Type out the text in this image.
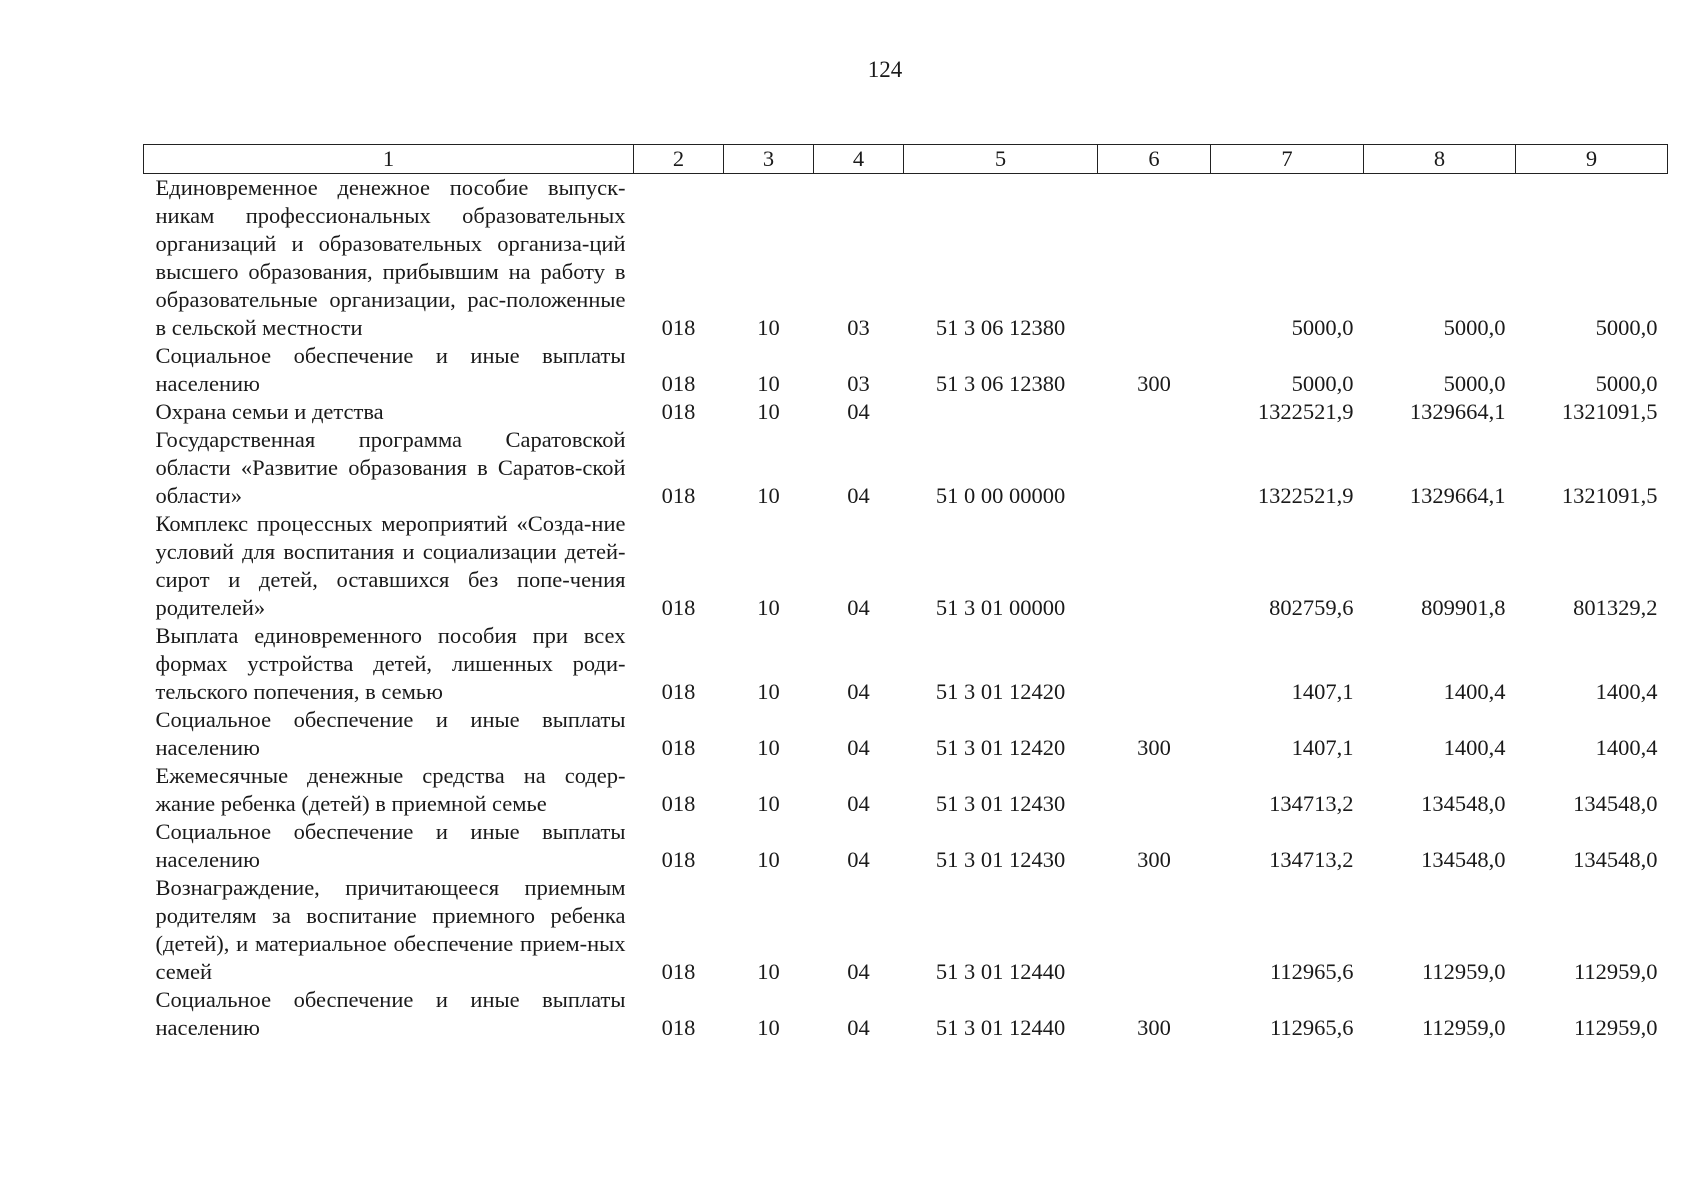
124
1	2	3	4	5	6	7	8	9
Единовременное денежное пособие выпуск-никам профессиональных образовательных организаций и образовательных организа-ций высшего образования, прибывшим на работу в образовательные организации, рас-положенные в сельской местности	018	10	03	51 3 06 12380		5000,0	5000,0	5000,0
Социальное обеспечение и иные выплаты населению	018	10	03	51 3 06 12380	300	5000,0	5000,0	5000,0
Охрана семьи и детства	018	10	04			1322521,9	1329664,1	1321091,5
Государственная программа Саратовской области «Развитие образования в Саратов-ской области»	018	10	04	51 0 00 00000		1322521,9	1329664,1	1321091,5
Комплекс процессных мероприятий «Созда-ние условий для воспитания и социализации детей-сирот и детей, оставшихся без попе-чения родителей»	018	10	04	51 3 01 00000		802759,6	809901,8	801329,2
Выплата единовременного пособия при всех формах устройства детей, лишенных роди-тельского попечения, в семью	018	10	04	51 3 01 12420		1407,1	1400,4	1400,4
Социальное обеспечение и иные выплаты населению	018	10	04	51 3 01 12420	300	1407,1	1400,4	1400,4
Ежемесячные денежные средства на содер-жание ребенка (детей) в приемной семье	018	10	04	51 3 01 12430		134713,2	134548,0	134548,0
Социальное обеспечение и иные выплаты населению	018	10	04	51 3 01 12430	300	134713,2	134548,0	134548,0
Вознаграждение, причитающееся приемным родителям за воспитание приемного ребенка (детей), и материальное обеспечение прием-ных семей	018	10	04	51 3 01 12440		112965,6	112959,0	112959,0
Социальное обеспечение и иные выплаты населению	018	10	04	51 3 01 12440	300	112965,6	112959,0	112959,0
